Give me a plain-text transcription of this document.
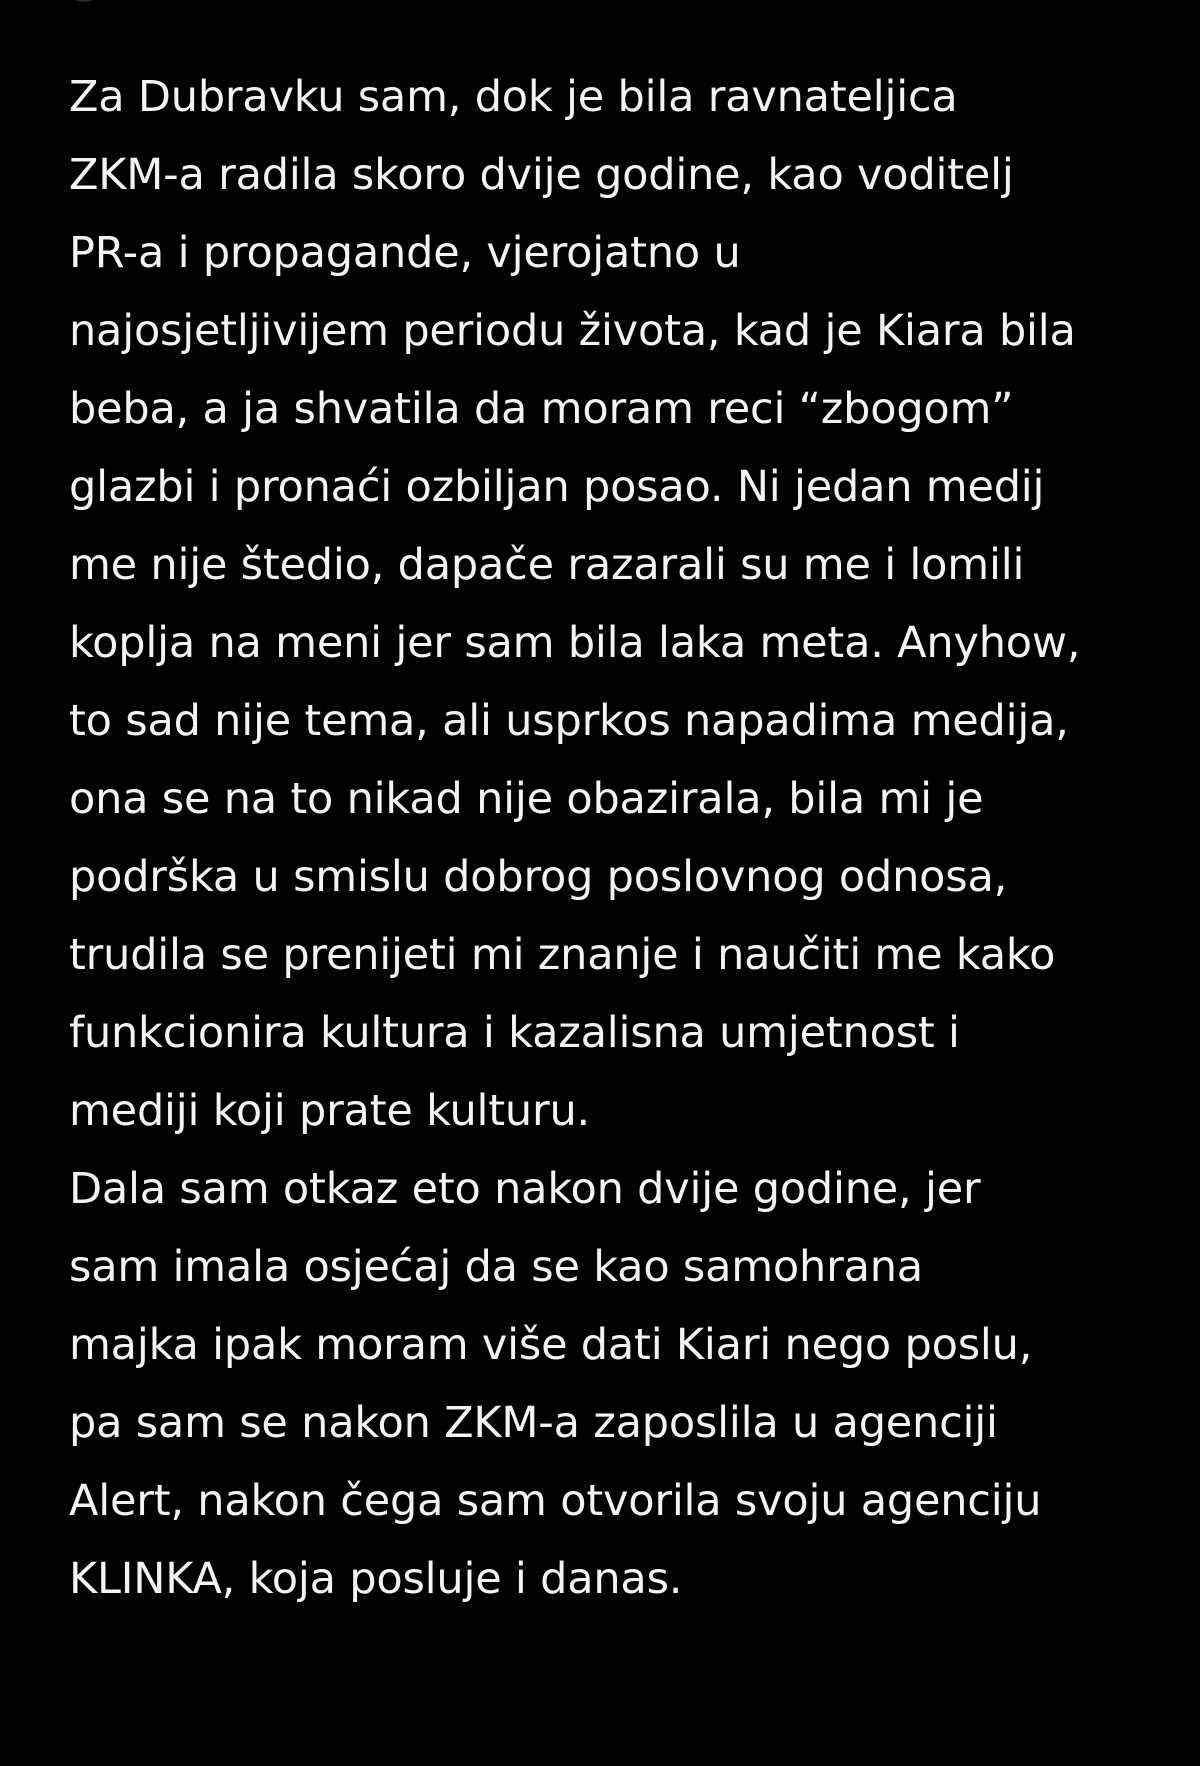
Za Dubravku sam, dok je bila ravnateljica
ZKM-a radila skoro dvije godine, kao voditelj
PR-a i propagande, vjerojatno u
najosjetljivijem periodu života, kad je Kiara bila
beba, a ja shvatila da moram reci “zbogom”
glazbi i pronaći ozbiljan posao. Ni jedan medij
me nije štedio, dapače razarali su me i lomili
koplja na meni jer sam bila laka meta. Anyhow,
to sad nije tema, ali usprkos napadima medija,
ona se na to nikad nije obazirala, bila mi je
podrška u smislu dobrog poslovnog odnosa,
trudila se prenijeti mi znanje i naučiti me kako
funkcionira kultura i kazalisna umjetnost i
mediji koji prate kulturu.
Dala sam otkaz eto nakon dvije godine, jer
sam imala osjećaj da se kao samohrana
majka ipak moram više dati Kiari nego poslu,
pa sam se nakon ZKM-a zaposlila u agenciji
Alert, nakon čega sam otvorila svoju agenciju
KLINKA, koja posluje i danas.
